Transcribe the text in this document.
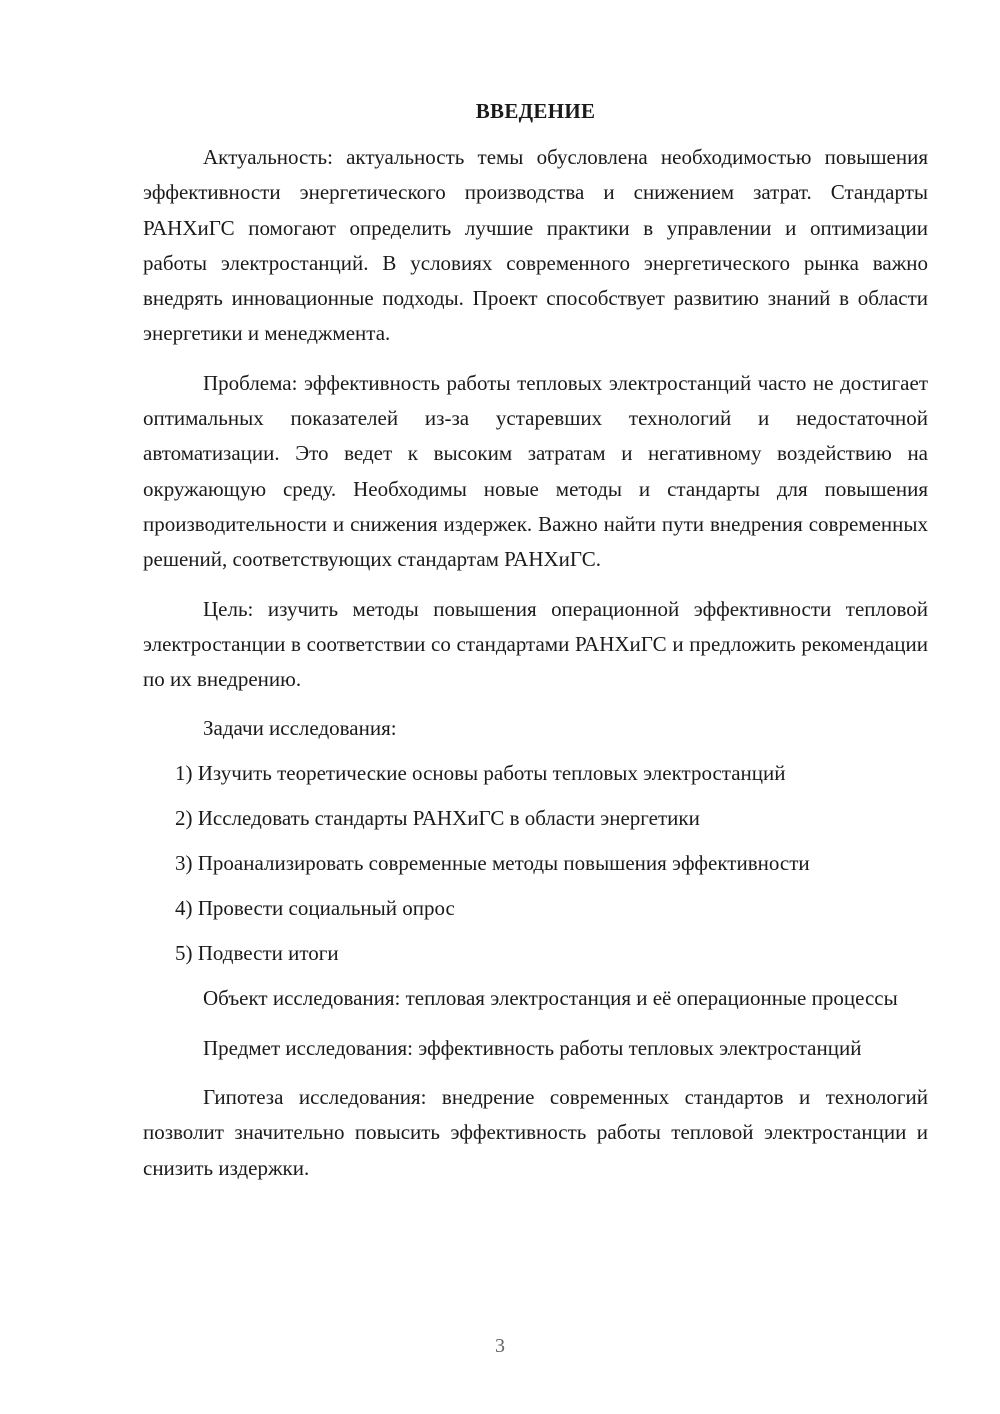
ВВЕДЕНИЕ

Актуальность: актуальность темы обусловлена необходимостью повышения эффективности энергетического производства и снижением затрат. Стандарты РАНХиГС помогают определить лучшие практики в управлении и оптимизации работы электростанций. В условиях современного энергетического рынка важно внедрять инновационные подходы. Проект способствует развитию знаний в области энергетики и менеджмента.

Проблема: эффективность работы тепловых электростанций часто не достигает оптимальных показателей из-за устаревших технологий и недостаточной автоматизации. Это ведет к высоким затратам и негативному воздействию на окружающую среду. Необходимы новые методы и стандарты для повышения производительности и снижения издержек. Важно найти пути внедрения современных решений, соответствующих стандартам РАНХиГС.

Цель: изучить методы повышения операционной эффективности тепловой электростанции в соответствии со стандартами РАНХиГС и предложить рекомендации по их внедрению.

Задачи исследования:
1) Изучить теоретические основы работы тепловых электростанций
2) Исследовать стандарты РАНХиГС в области энергетики
3) Проанализировать современные методы повышения эффективности
4) Провести социальный опрос
5) Подвести итоги

Объект исследования: тепловая электростанция и её операционные процессы

Предмет исследования: эффективность работы тепловых электростанций

Гипотеза исследования: внедрение современных стандартов и технологий позволит значительно повысить эффективность работы тепловой электростанции и снизить издержки.

3
